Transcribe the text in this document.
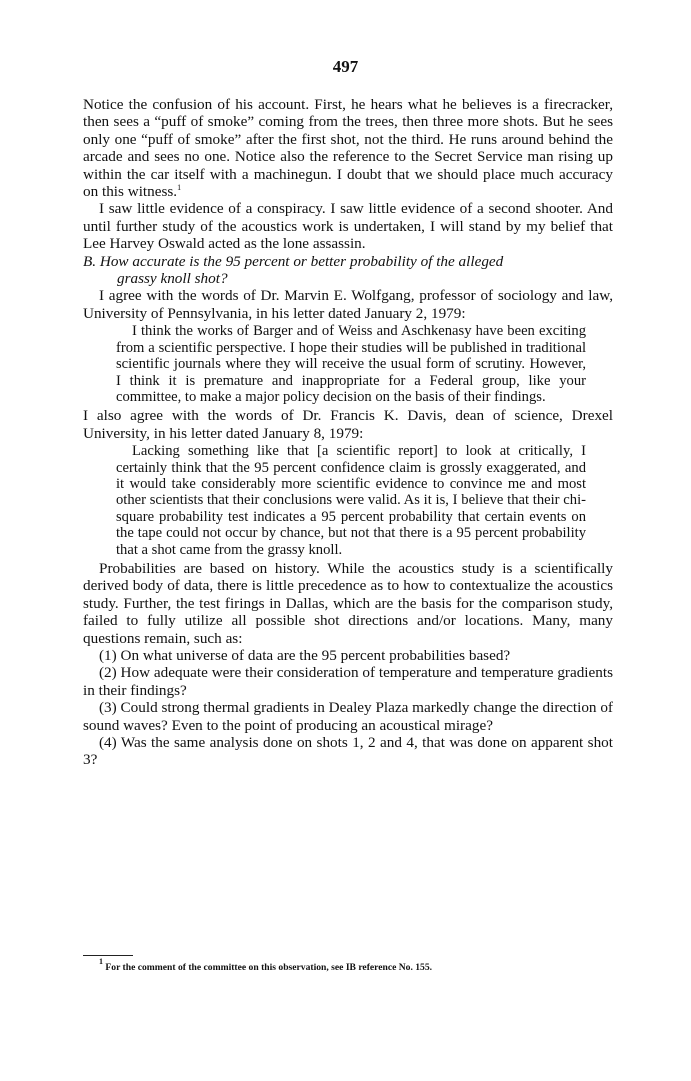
497

Notice the confusion of his account. First, he hears what he believes is a firecracker, then sees a “puff of smoke” coming from the trees, then three more shots. But he sees only one “puff of smoke” after the first shot, not the third. He runs around behind the arcade and sees no one. Notice also the reference to the Secret Service man rising up within the car itself with a machinegun. I doubt that we should place much accuracy on this witness.$^1$

I saw little evidence of a conspiracy. I saw little evidence of a second shooter. And until further study of the acoustics work is undertaken, I will stand by my belief that Lee Harvey Oswald acted as the lone assassin.

B. How accurate is the 95 percent or better probability of the alleged
grassy knoll shot?

I agree with the words of Dr. Marvin E. Wolfgang, professor of sociology and law, University of Pennsylvania, in his letter dated January 2, 1979:

I think the works of Barger and of Weiss and Aschkenasy have been exciting from a scientific perspective. I hope their studies will be published in traditional scientific journals where they will receive the usual form of scrutiny. However, I think it is premature and inappropriate for a Federal group, like your committee, to make a major policy decision on the basis of their findings.

I also agree with the words of Dr. Francis K. Davis, dean of science, Drexel University, in his letter dated January 8, 1979:

Lacking something like that [a scientific report] to look at critically, I certainly think that the 95 percent confidence claim is grossly exaggerated, and it would take considerably more scientific evidence to convince me and most other scientists that their conclusions were valid. As it is, I believe that their chi-square probability test indicates a 95 percent probability that certain events on the tape could not occur by chance, but not that there is a 95 percent probability that a shot came from the grassy knoll.

Probabilities are based on history. While the acoustics study is a scientifically derived body of data, there is little precedence as to how to contextualize the acoustics study. Further, the test firings in Dallas, which are the basis for the comparison study, failed to fully utilize all possible shot directions and/or locations. Many, many questions remain, such as:

(1) On what universe of data are the 95 percent probabilities based?

(2) How adequate were their consideration of temperature and temperature gradients in their findings?

(3) Could strong thermal gradients in Dealey Plaza markedly change the direction of sound waves? Even to the point of producing an acoustical mirage?

(4) Was the same analysis done on shots 1, 2 and 4, that was done on apparent shot 3?

$^1$ For the comment of the committee on this observation, see IB reference No. 155.
